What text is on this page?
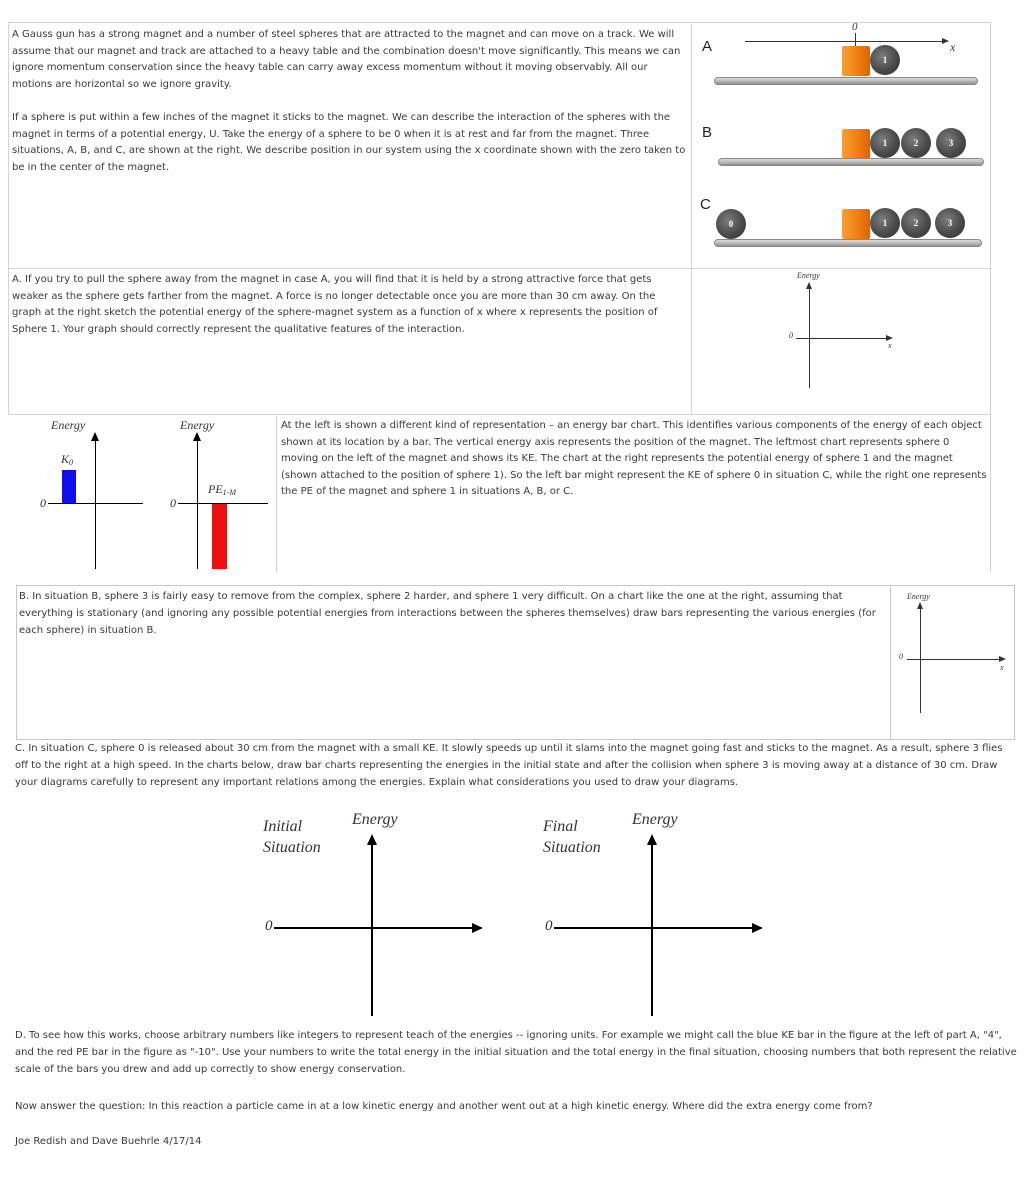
A Gauss gun has a strong magnet and a number of steel spheres that are attracted to the magnet and can move on a track. We will assume that our magnet and track are attached to a heavy table and the combination doesn't move significantly. This means we can ignore momentum conservation since the heavy table can carry away excess momentum without it moving observably. All our motions are horizontal so we ignore gravity.
If a sphere is put within a few inches of the magnet it sticks to the magnet. We can describe the interaction of the spheres with the magnet in terms of a potential energy, U. Take the energy of a sphere to be 0 when it is at rest and far from the magnet. Three situations, A, B, and C, are shown at the right. We describe position in our system using the x coordinate shown with the zero taken to be in the center of the magnet.
0
x
A
1
B
1	2	3
C
0	1	2	3
A. If you try to pull the sphere away from the magnet in case A, you will find that it is held by a strong attractive force that gets weaker as the sphere gets farther from the magnet. A force is no longer detectable once you are more than 30 cm away. On the graph at the right sketch the potential energy of the sphere-magnet system as a function of x where x represents the position of Sphere 1. Your graph should correctly represent the qualitative features of the interaction.
Energy
0
x
Energy
0
K0
Energy
0
PE1-M
At the left is shown a different kind of representation – an energy bar chart. This identifies various components of the energy of each object shown at its location by a bar. The vertical energy axis represents the position of the magnet. The leftmost chart represents sphere 0 moving on the left of the magnet and shows its KE. The chart at the right represents the potential energy of sphere 1 and the magnet (shown attached to the position of sphere 1). So the left bar might represent the KE of sphere 0 in situation C, while the right one represents the PE of the magnet and sphere 1 in situations A, B, or C.
B. In situation B, sphere 3 is fairly easy to remove from the complex, sphere 2 harder, and sphere 1 very difficult. On a chart like the one at the right, assuming that everything is stationary (and ignoring any possible potential energies from interactions between the spheres themselves) draw bars representing the various energies (for each sphere) in situation B.
Energy
0
x
C. In situation C, sphere 0 is released about 30 cm from the magnet with a small KE. It slowly speeds up until it slams into the magnet going fast and sticks to the magnet. As a result, sphere 3 flies off to the right at a high speed. In the charts below, draw bar charts representing the energies in the initial state and after the collision when sphere 3 is moving away at a distance of 30 cm. Draw your diagrams carefully to represent any important relations among the energies. Explain what considerations you used to draw your diagrams.
Initial
Situation
Energy
0
Final
Situation
Energy
0
D. To see how this works, choose arbitrary numbers like integers to represent teach of the energies -- ignoring units. For example we might call the blue KE bar in the figure at the left of part A, "4", and the red PE bar in the figure as "-10". Use your numbers to write the total energy in the initial situation and the total energy in the final situation, choosing numbers that both represent the relative scale of the bars you drew and add up correctly to show energy conservation.
Now answer the question: In this reaction a particle came in at a low kinetic energy and another went out at a high kinetic energy. Where did the extra energy come from?
Joe Redish and Dave Buehrle 4/17/14
